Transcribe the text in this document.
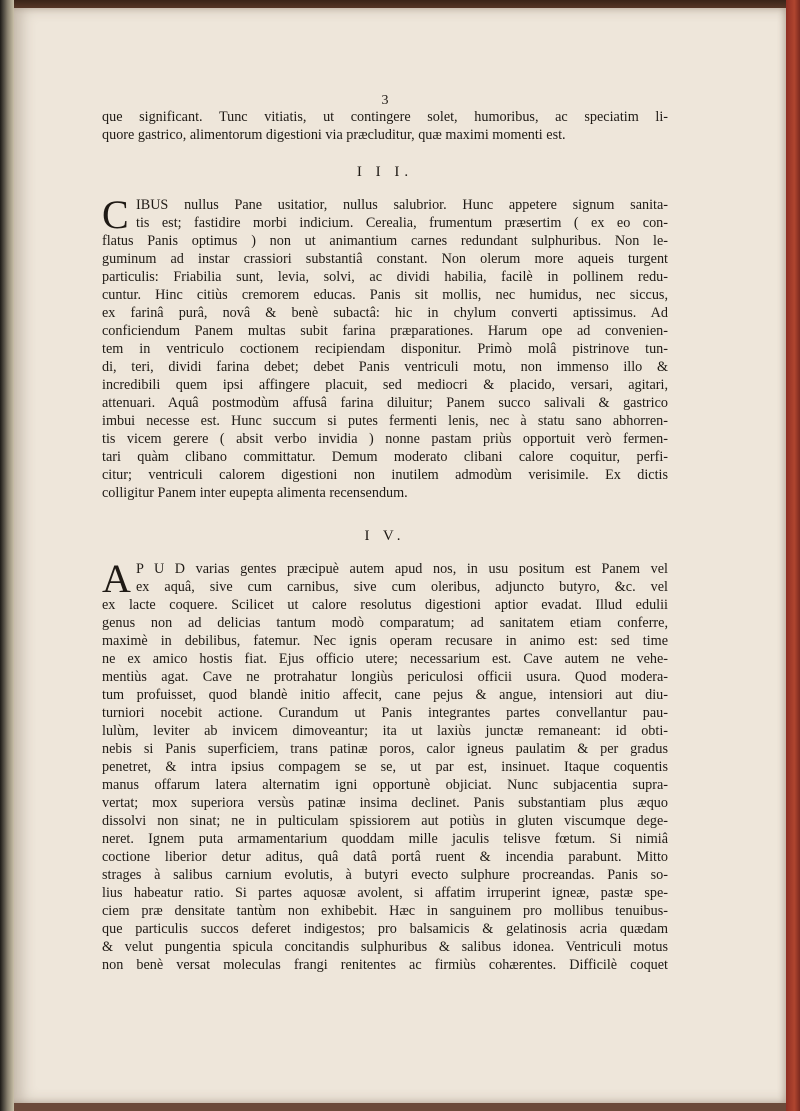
3
que significant. Tunc vitiatis, ut contingere solet, humoribus, ac speciatim li-
quore gastrico, alimentorum digestioni via præcluditur, quæ maximi momenti est.
I I I.
C IBUS nullus Pane usitatior, nullus salubrior. Hunc appetere signum sanita-
tis est; fastidire morbi indicium. Cerealia, frumentum præsertim ( ex eo con-
flatus Panis optimus ) non ut animantium carnes redundant sulphuribus. Non le-
guminum ad instar crassiori substantiâ constant. Non olerum more aqueis turgent
particulis: Friabilia sunt, levia, solvi, ac dividi habilia, facilè in pollinem redu-
cuntur. Hinc citiùs cremorem educas. Panis sit mollis, nec humidus, nec siccus,
ex farinâ purâ, novâ & benè subactâ: hic in chylum converti aptissimus. Ad
conficiendum Panem multas subit farina præparationes. Harum ope ad convenien-
tem in ventriculo coctionem recipiendam disponitur. Primò molâ pistrinove tun-
di, teri, dividi farina debet; debet Panis ventriculi motu, non immenso illo &
incredibili quem ipsi affingere placuit, sed mediocri & placido, versari, agitari,
attenuari. Aquâ postmodùm affusâ farina diluitur; Panem succo salivali & gastrico
imbui necesse est. Hunc succum si putes fermenti lenis, nec à statu sano abhorren-
tis vicem gerere ( absit verbo invidia ) nonne pastam priùs opportuit verò fermen-
tari quàm clibano committatur. Demum moderato clibani calore coquitur, perfi-
citur; ventriculi calorem digestioni non inutilem admodùm verisimile. Ex dictis
colligitur Panem inter eupepta alimenta recensendum.
I V.
A P U D varias gentes præcipuè autem apud nos, in usu positum est Panem vel
ex aquâ, sive cum carnibus, sive cum oleribus, adjuncto butyro, &c. vel
ex lacte coquere. Scilicet ut calore resolutus digestioni aptior evadat. Illud edulii
genus non ad delicias tantum modò comparatum; ad sanitatem etiam conferre,
maximè in debilibus, fatemur. Nec ignis operam recusare in animo est: sed time
ne ex amico hostis fiat. Ejus officio utere; necessarium est. Cave autem ne vehe-
mentiùs agat. Cave ne protrahatur longiùs periculosi officii usura. Quod modera-
tum profuisset, quod blandè initio affecit, cane pejus & angue, intensiori aut diu-
turniori nocebit actione. Curandum ut Panis integrantes partes convellantur pau-
lulùm, leviter ab invicem dimoveantur; ita ut laxiùs junctæ remaneant: id obti-
nebis si Panis superficiem, trans patinæ poros, calor igneus paulatim & per gradus
penetret, & intra ipsius compagem se se, ut par est, insinuet. Itaque coquentis
manus offarum latera alternatim igni opportunè objiciat. Nunc subjacentia supra-
vertat; mox superiora versùs patinæ insima declinet. Panis substantiam plus æquo
dissolvi non sinat; ne in pulticulam spissiorem aut potiùs in gluten viscumque dege-
neret. Ignem puta armamentarium quoddam mille jaculis telisve fœtum. Si nimiâ
coctione liberior detur aditus, quâ datâ portâ ruent & incendia parabunt. Mitto
strages à salibus carnium evolutis, à butyri evecto sulphure procreandas. Panis so-
lius habeatur ratio. Si partes aquosæ avolent, si affatim irruperint igneæ, pastæ spe-
ciem præ densitate tantùm non exhibebit. Hæc in sanguinem pro mollibus tenuibus-
que particulis succos deferet indigestos; pro balsamicis & gelatinosis acria quædam
& velut pungentia spicula concitandis sulphuribus & salibus idonea. Ventriculi motus
non benè versat moleculas frangi renitentes ac firmiùs cohærentes. Difficilè coquet
